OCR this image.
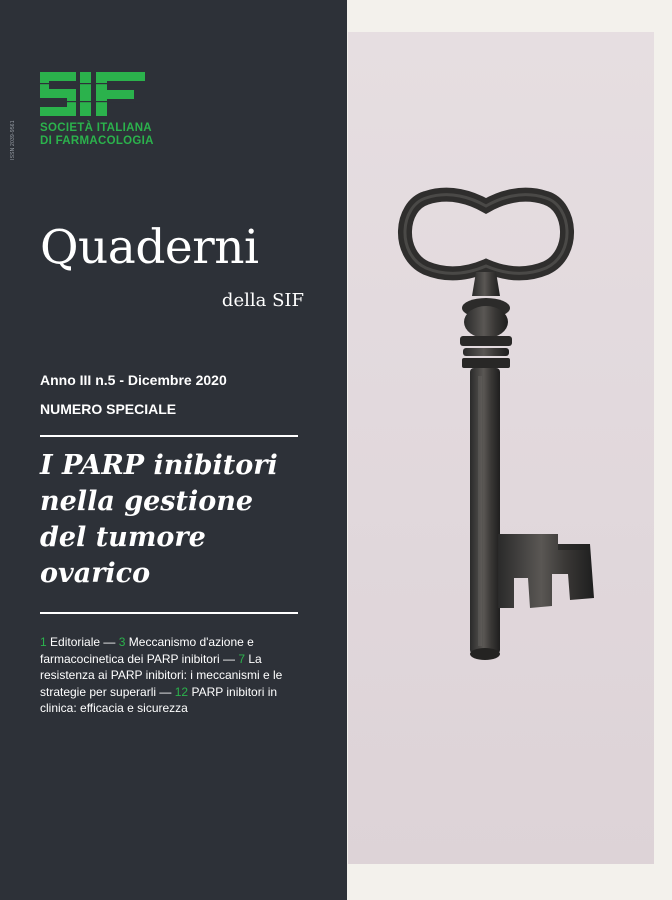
ISSN 2039-9561	SOCIETÀ ITALIANA
DI FARMACOLOGIA
Quaderni
della SIF
Anno III n.5 - Dicembre 2020
NUMERO SPECIALE
I PARP inibitori
nella gestione
del tumore
ovarico
1 Editoriale — 3 Meccanismo d'azione e farmacocinetica dei PARP inibitori — 7 La resistenza ai PARP inibitori: i meccanismi e le strategie per superarli — 12 PARP inibitori in clinica: efficacia e sicurezza
